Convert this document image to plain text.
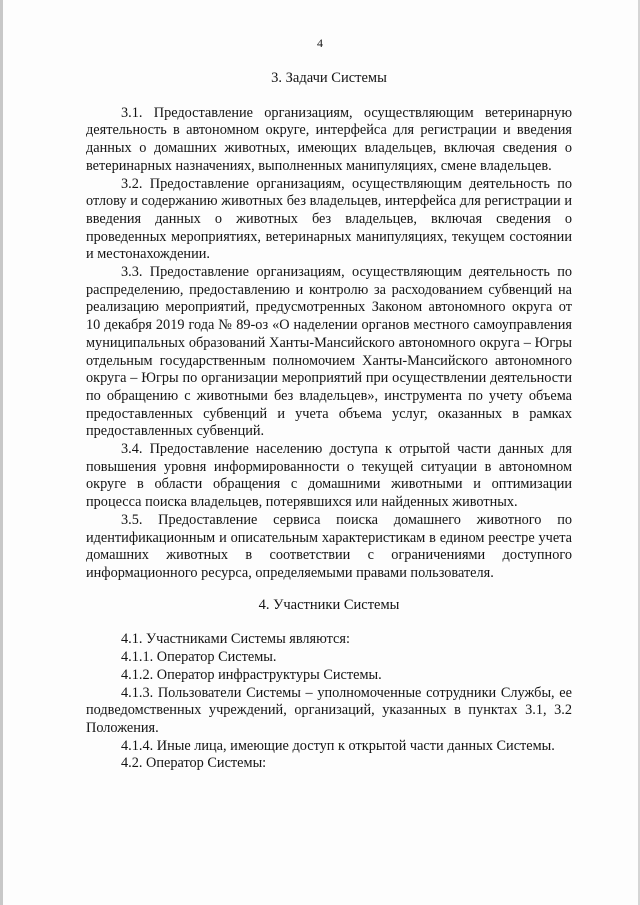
4
3. Задачи Системы

3.1. Предоставление организациям, осуществляющим ветеринарную деятельность в автономном округе, интерфейса для регистрации и введения данных о домашних животных, имеющих владельцев, включая сведения о ветеринарных назначениях, выполненных манипуляциях, смене владельцев.

3.2. Предоставление организациям, осуществляющим деятельность по отлову и содержанию животных без владельцев, интерфейса для регистрации и введения данных о животных без владельцев, включая сведения о проведенных мероприятиях, ветеринарных манипуляциях, текущем состоянии и местонахождении.

3.3. Предоставление организациям, осуществляющим деятельность по распределению, предоставлению и контролю за расходованием субвенций на реализацию мероприятий, предусмотренных Законом автономного округа от 10 декабря 2019 года № 89-оз «О наделении органов местного самоуправления муниципальных образований Ханты-Мансийского автономного округа – Югры отдельным государственным полномочием Ханты-Мансийского автономного округа – Югры по организации мероприятий при осуществлении деятельности по обращению с животными без владельцев», инструмента по учету объема предоставленных субвенций и учета объема услуг, оказанных в рамках предоставленных субвенций.

3.4. Предоставление населению доступа к отрытой части данных для повышения уровня информированности о текущей ситуации в автономном округе в области обращения с домашними животными и оптимизации процесса поиска владельцев, потерявшихся или найденных животных.

3.5. Предоставление сервиса поиска домашнего животного по идентификационным и описательным характеристикам в едином реестре учета домашних животных в соответствии с ограничениями доступного информационного ресурса, определяемыми правами пользователя.

4. Участники Системы

4.1. Участниками Системы являются:

4.1.1. Оператор Системы.

4.1.2. Оператор инфраструктуры Системы.

4.1.3. Пользователи Системы – уполномоченные сотрудники Службы, ее подведомственных учреждений, организаций, указанных в пунктах 3.1, 3.2 Положения.

4.1.4. Иные лица, имеющие доступ к открытой части данных Системы.

4.2. Оператор Системы:
